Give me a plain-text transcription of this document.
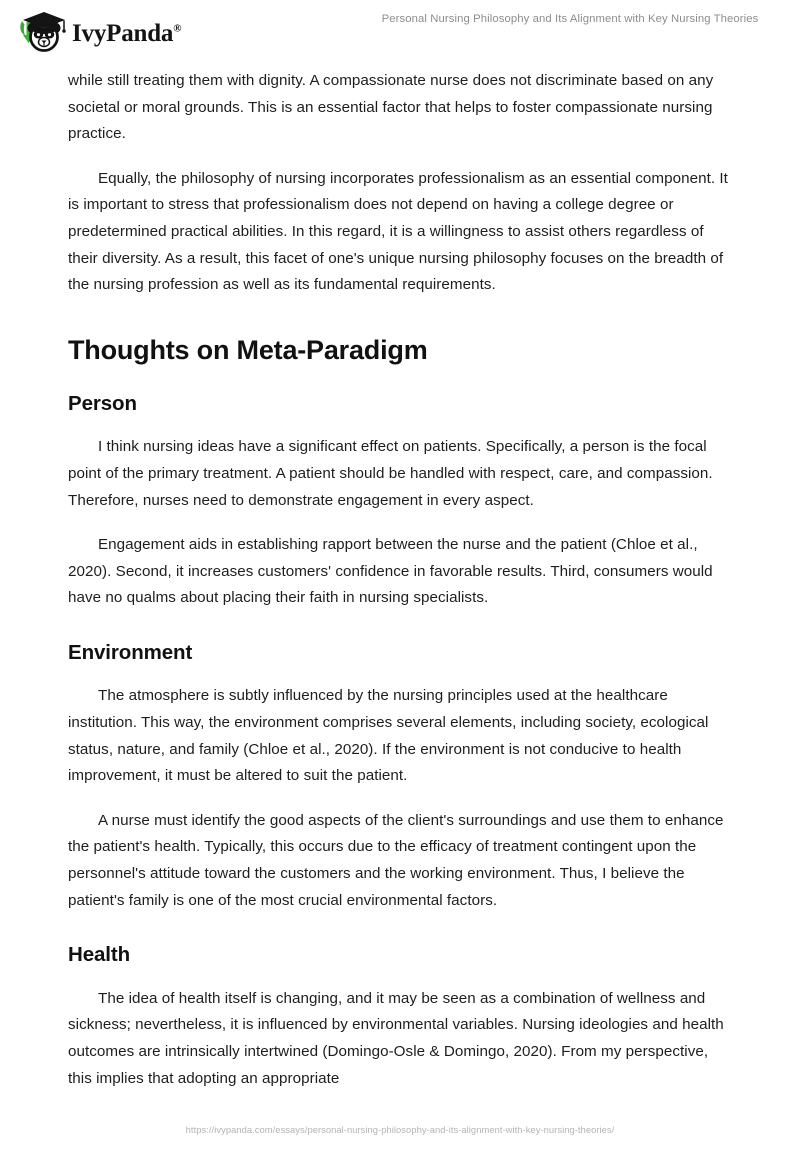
IvyPanda®
Personal Nursing Philosophy and Its Alignment with Key Nursing Theories

while still treating them with dignity. A compassionate nurse does not discriminate based on any societal or moral grounds. This is an essential factor that helps to foster compassionate nursing practice.

Equally, the philosophy of nursing incorporates professionalism as an essential component. It is important to stress that professionalism does not depend on having a college degree or predetermined practical abilities. In this regard, it is a willingness to assist others regardless of their diversity. As a result, this facet of one's unique nursing philosophy focuses on the breadth of the nursing profession as well as its fundamental requirements.

Thoughts on Meta-Paradigm
Person

I think nursing ideas have a significant effect on patients. Specifically, a person is the focal point of the primary treatment. A patient should be handled with respect, care, and compassion. Therefore, nurses need to demonstrate engagement in every aspect.

Engagement aids in establishing rapport between the nurse and the patient (Chloe et al., 2020). Second, it increases customers' confidence in favorable results. Third, consumers would have no qualms about placing their faith in nursing specialists.

Environment

The atmosphere is subtly influenced by the nursing principles used at the healthcare institution. This way, the environment comprises several elements, including society, ecological status, nature, and family (Chloe et al., 2020). If the environment is not conducive to health improvement, it must be altered to suit the patient.

A nurse must identify the good aspects of the client's surroundings and use them to enhance the patient's health. Typically, this occurs due to the efficacy of treatment contingent upon the personnel's attitude toward the customers and the working environment. Thus, I believe the patient's family is one of the most crucial environmental factors.

Health

The idea of health itself is changing, and it may be seen as a combination of wellness and sickness; nevertheless, it is influenced by environmental variables. Nursing ideologies and health outcomes are intrinsically intertwined (Domingo-Osle & Domingo, 2020). From my perspective, this implies that adopting an appropriate

https://ivypanda.com/essays/personal-nursing-philosophy-and-its-alignment-with-key-nursing-theories/
